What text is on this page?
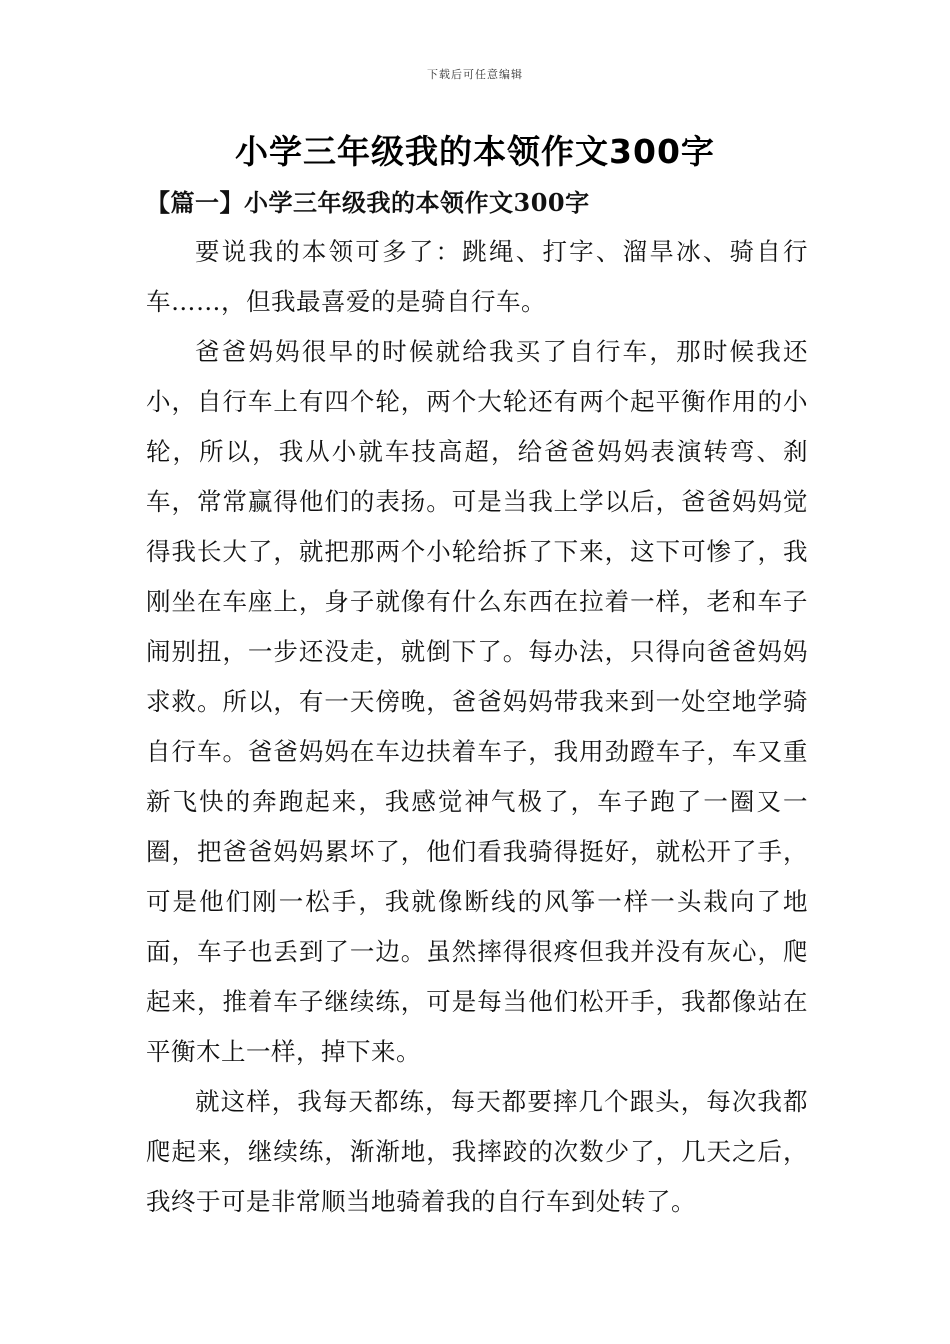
下载后可任意编辑
小学三年级我的本领作文300字
【篇一】小学三年级我的本领作文300字

要说我的本领可多了：跳绳、打字、溜旱冰、骑自行车……，但我最喜爱的是骑自行车。

爸爸妈妈很早的时候就给我买了自行车，那时候我还小，自行车上有四个轮，两个大轮还有两个起平衡作用的小轮，所以，我从小就车技高超，给爸爸妈妈表演转弯、刹车，常常赢得他们的表扬。可是当我上学以后，爸爸妈妈觉得我长大了，就把那两个小轮给拆了下来，这下可惨了，我刚坐在车座上，身子就像有什么东西在拉着一样，老和车子闹别扭，一步还没走，就倒下了。每办法，只得向爸爸妈妈求救。所以，有一天傍晚，爸爸妈妈带我来到一处空地学骑自行车。爸爸妈妈在车边扶着车子，我用劲蹬车子，车又重新飞快的奔跑起来，我感觉神气极了，车子跑了一圈又一圈，把爸爸妈妈累坏了，他们看我骑得挺好，就松开了手，可是他们刚一松手，我就像断线的风筝一样一头栽向了地面，车子也丢到了一边。虽然摔得很疼但我并没有灰心，爬起来，推着车子继续练，可是每当他们松开手，我都像站在平衡木上一样，掉下来。

就这样，我每天都练，每天都要摔几个跟头，每次我都爬起来，继续练，渐渐地，我摔跤的次数少了，几天之后，我终于可是非常顺当地骑着我的自行车到处转了。
